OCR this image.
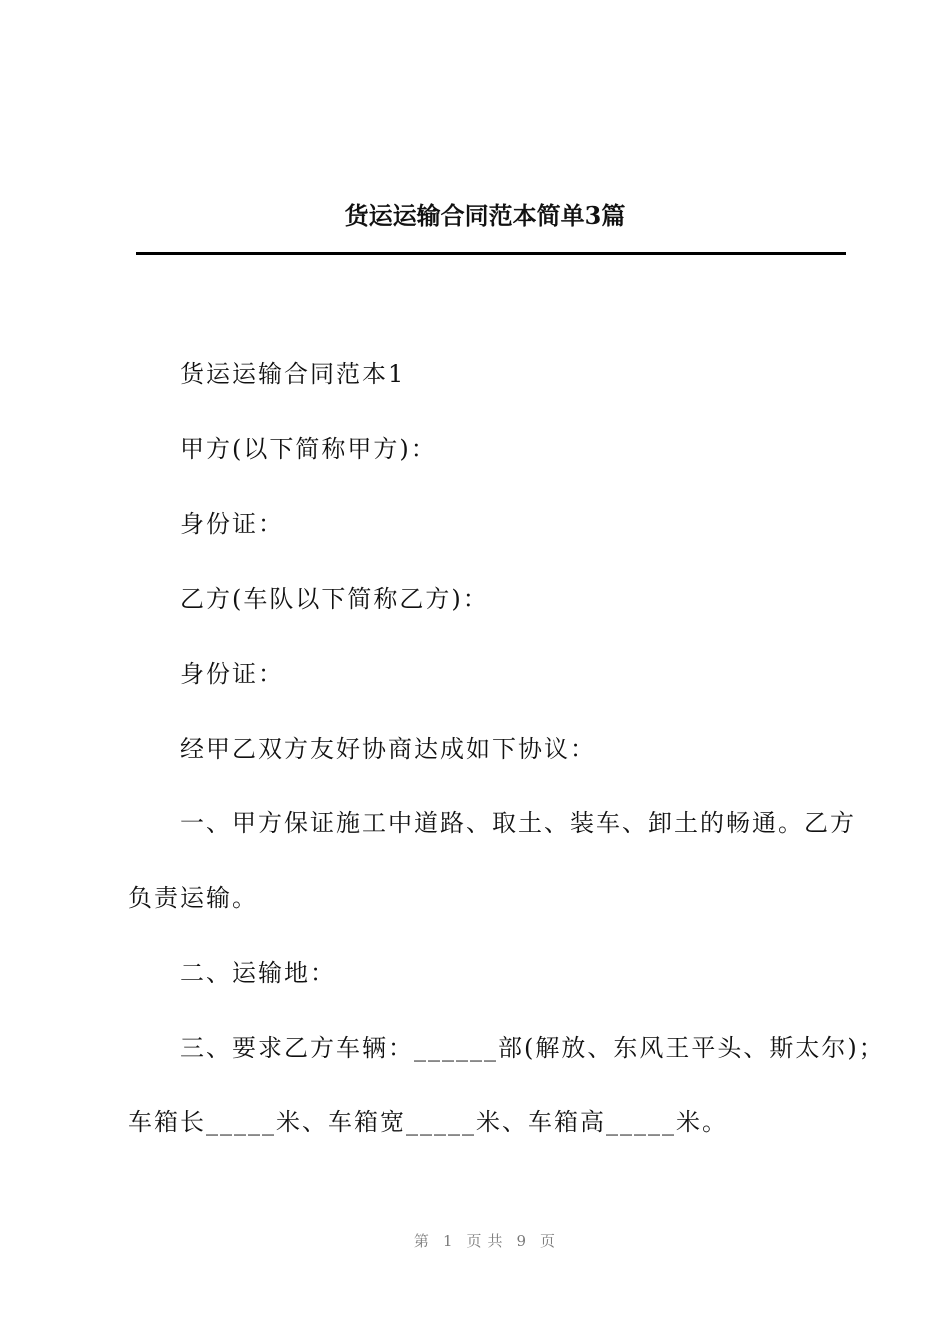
货运运输合同范本简单3篇

货运运输合同范本1

甲方(以下简称甲方)：

身份证：

乙方(车队以下简称乙方)：

身份证：

经甲乙双方友好协商达成如下协议：

一、甲方保证施工中道路、取土、装车、卸土的畅通。乙方

负责运输。

二、运输地：

三、要求乙方车辆：______部(解放、东风王平头、斯太尔)；

车箱长_____米、车箱宽_____米、车箱高_____米。

第 1 页共 9 页
